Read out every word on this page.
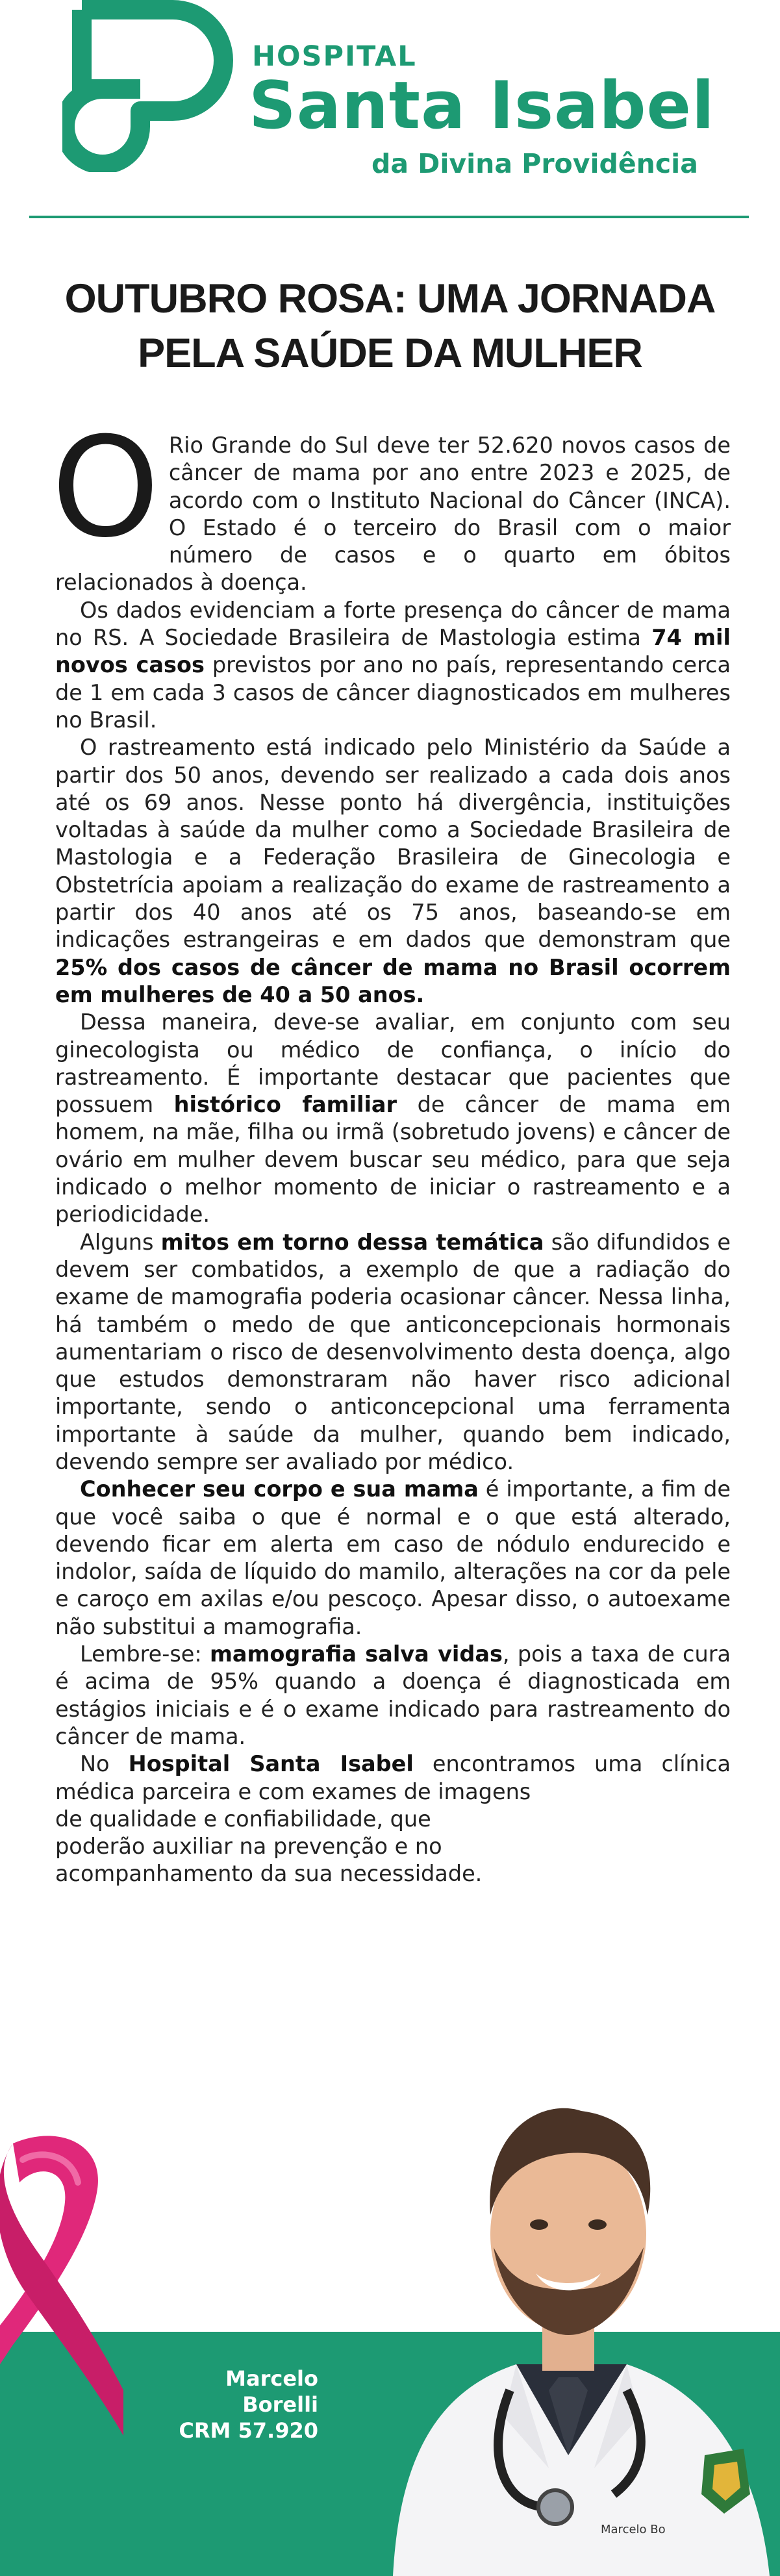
HOSPITAL
Santa Isabel
da Divina Providência
OUTUBRO ROSA: UMA JORNADA
PELA SAÚDE DA MULHER

O Rio Grande do Sul deve ter 52.620 novos casos de câncer de mama por ano entre 2023 e 2025, de acordo com o Instituto Nacional do Câncer (INCA). O Estado é o terceiro do Brasil com o maior número de casos e o quarto em óbitos relacionados à doença.

Os dados evidenciam a forte presença do câncer de mama no RS. A Sociedade Brasileira de Mastologia estima 74 mil novos casos previstos por ano no país, representando cerca de 1 em cada 3 casos de câncer diagnosticados em mulheres no Brasil.

O rastreamento está indicado pelo Ministério da Saúde a partir dos 50 anos, devendo ser realizado a cada dois anos até os 69 anos. Nesse ponto há divergência, instituições voltadas à saúde da mulher como a Sociedade Brasileira de Mastologia e a Federação Brasileira de Ginecologia e Obstetrícia apoiam a realização do exame de rastreamento a partir dos 40 anos até os 75 anos, baseando-se em indicações estrangeiras e em dados que demonstram que 25% dos casos de câncer de mama no Brasil ocorrem em mulheres de 40 a 50 anos.

Dessa maneira, deve-se avaliar, em conjunto com seu ginecologista ou médico de confiança, o início do rastreamento. É importante destacar que pacientes que possuem histórico familiar de câncer de mama em homem, na mãe, filha ou irmã (sobretudo jovens) e câncer de ovário em mulher devem buscar seu médico, para que seja indicado o melhor momento de iniciar o rastreamento e a periodicidade.

Alguns mitos em torno dessa temática são difundidos e devem ser combatidos, a exemplo de que a radiação do exame de mamografia poderia ocasionar câncer. Nessa linha, há também o medo de que anticoncepcionais hormonais aumentariam o risco de desenvolvimento desta doença, algo que estudos demonstraram não haver risco adicional importante, sendo o anticoncepcional uma ferramenta importante à saúde da mulher, quando bem indicado, devendo sempre ser avaliado por médico.

Conhecer seu corpo e sua mama é importante, a fim de que você saiba o que é normal e o que está alterado, devendo ficar em alerta em caso de nódulo endurecido e indolor, saída de líquido do mamilo, alterações na cor da pele e caroço em axilas e/ou pescoço. Apesar disso, o autoexame não substitui a mamografia.

Lembre-se: mamografia salva vidas, pois a taxa de cura é acima de 95% quando a doença é diagnosticada em estágios iniciais e é o exame indicado para rastreamento do câncer de mama.

No Hospital Santa Isabel encontramos uma clínica médica parceira e com exames de imagens

de qualidade e confiabilidade, que poderão auxiliar na prevenção e no acompanhamento da sua necessidade.

Marcelo Bo
Marcelo
Borelli
CRM 57.920
